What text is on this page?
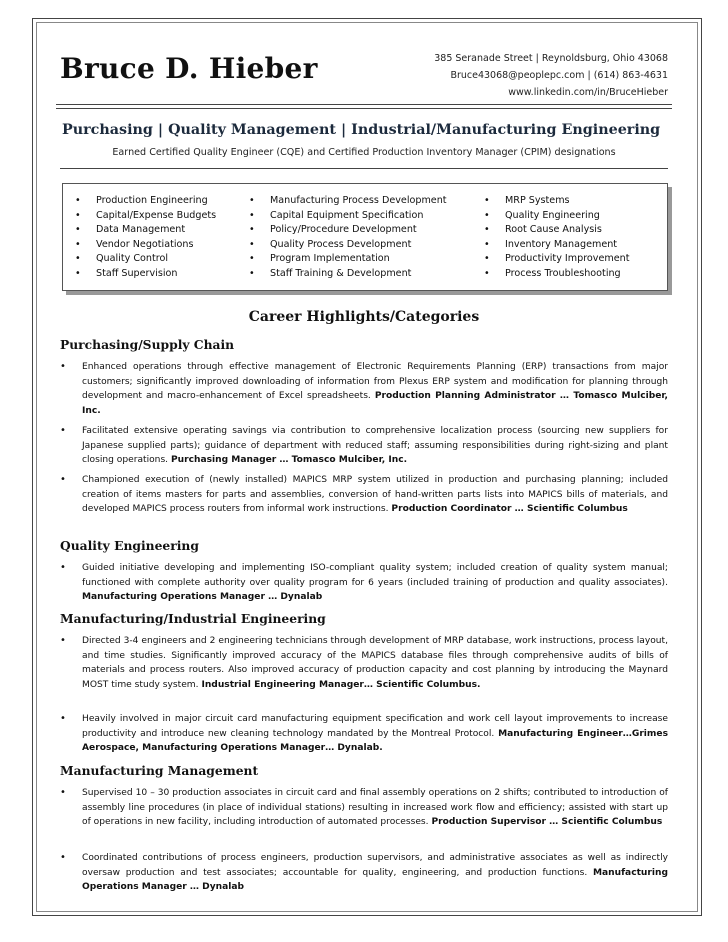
Bruce D. Hieber	385 Seranade Street | Reynoldsburg, Ohio 43068
Bruce43068@peoplepc.com | (614) 863-4631
www.linkedin.com/in/BruceHieber
Purchasing | Quality Management | Industrial/Manufacturing Engineering
Earned Certified Quality Engineer (CQE) and Certified Production Inventory Manager (CPIM) designations
• Production Engineering
• Capital/Expense Budgets
• Data Management
• Vendor Negotiations
• Quality Control
• Staff Supervision
• Manufacturing Process Development
• Capital Equipment Specification
• Policy/Procedure Development
• Quality Process Development
• Program Implementation
• Staff Training & Development
• MRP Systems
• Quality Engineering
• Root Cause Analysis
• Inventory Management
• Productivity Improvement
• Process Troubleshooting
Career Highlights/Categories
Purchasing/Supply Chain
• Enhanced operations through effective management of Electronic Requirements Planning (ERP) transactions from major customers; significantly improved downloading of information from Plexus ERP system and modification for planning through development and macro-enhancement of Excel spreadsheets. Production Planning Administrator … Tomasco Mulciber, Inc.
• Facilitated extensive operating savings via contribution to comprehensive localization process (sourcing new suppliers for Japanese supplied parts); guidance of department with reduced staff; assuming responsibilities during right-sizing and plant closing operations. Purchasing Manager … Tomasco Mulciber, Inc.
• Championed execution of (newly installed) MAPICS MRP system utilized in production and purchasing planning; included creation of items masters for parts and assemblies, conversion of hand-written parts lists into MAPICS bills of materials, and developed MAPICS process routers from informal work instructions. Production Coordinator … Scientific Columbus
Quality Engineering
• Guided initiative developing and implementing ISO-compliant quality system; included creation of quality system manual; functioned with complete authority over quality program for 6 years (included training of production and quality associates). Manufacturing Operations Manager … Dynalab
Manufacturing/Industrial Engineering
• Directed 3-4 engineers and 2 engineering technicians through development of MRP database, work instructions, process layout, and time studies. Significantly improved accuracy of the MAPICS database files through comprehensive audits of bills of materials and process routers. Also improved accuracy of production capacity and cost planning by introducing the Maynard MOST time study system. Industrial Engineering Manager… Scientific Columbus.
• Heavily involved in major circuit card manufacturing equipment specification and work cell layout improvements to increase productivity and introduce new cleaning technology mandated by the Montreal Protocol. Manufacturing Engineer…Grimes Aerospace, Manufacturing Operations Manager… Dynalab.
Manufacturing Management
• Supervised 10 – 30 production associates in circuit card and final assembly operations on 2 shifts; contributed to introduction of assembly line procedures (in place of individual stations) resulting in increased work flow and efficiency; assisted with start up of operations in new facility, including introduction of automated processes. Production Supervisor … Scientific Columbus
• Coordinated contributions of process engineers, production supervisors, and administrative associates as well as indirectly oversaw production and test associates; accountable for quality, engineering, and production functions. Manufacturing Operations Manager … Dynalab
